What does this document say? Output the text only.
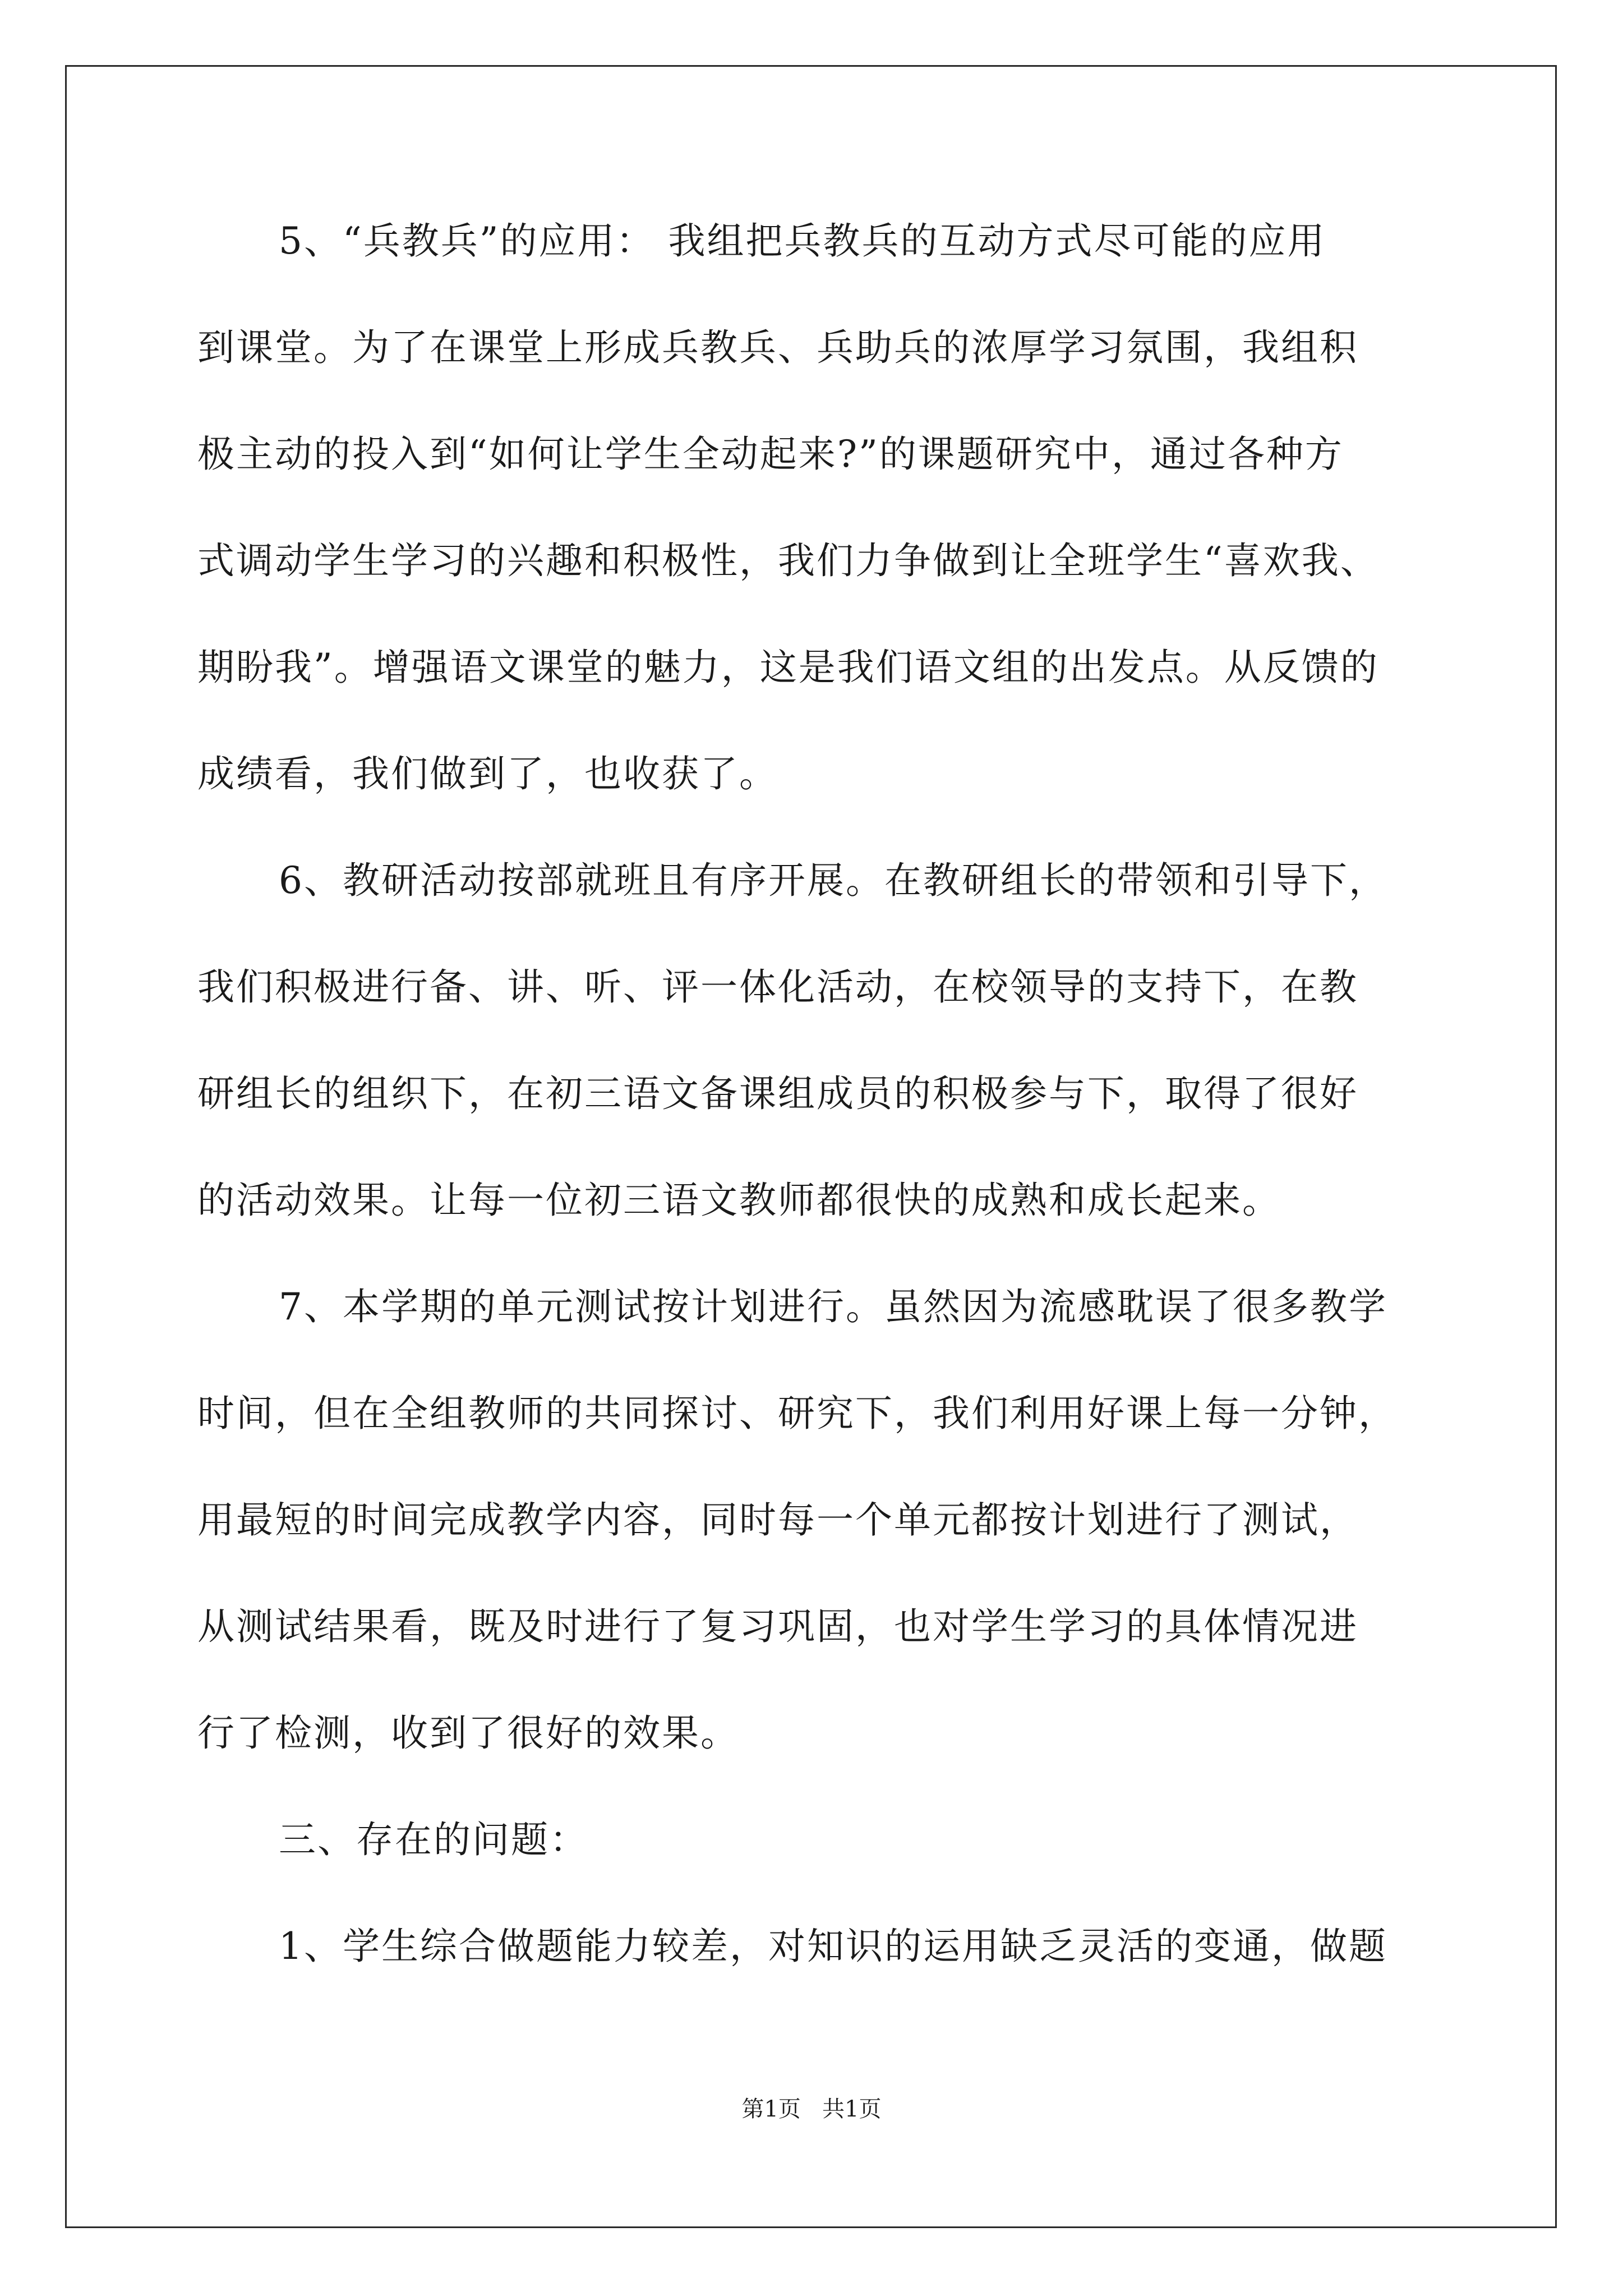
5、“兵教兵”的应用： 我组把兵教兵的互动方式尽可能的应用
到课堂。为了在课堂上形成兵教兵、兵助兵的浓厚学习氛围，我组积
极主动的投入到“如何让学生全动起来?”的课题研究中，通过各种方
式调动学生学习的兴趣和积极性，我们力争做到让全班学生“喜欢我、
期盼我”。增强语文课堂的魅力，这是我们语文组的出发点。从反馈的
成绩看，我们做到了，也收获了。
6、教研活动按部就班且有序开展。在教研组长的带领和引导下，
我们积极进行备、讲、听、评一体化活动，在校领导的支持下，在教
研组长的组织下，在初三语文备课组成员的积极参与下，取得了很好
的活动效果。让每一位初三语文教师都很快的成熟和成长起来。
7、本学期的单元测试按计划进行。虽然因为流感耽误了很多教学
时间，但在全组教师的共同探讨、研究下，我们利用好课上每一分钟，
用最短的时间完成教学内容，同时每一个单元都按计划进行了测试，
从测试结果看，既及时进行了复习巩固，也对学生学习的具体情况进
行了检测，收到了很好的效果。
三、存在的问题：
1、学生综合做题能力较差，对知识的运用缺乏灵活的变通，做题
第1页   共1页
